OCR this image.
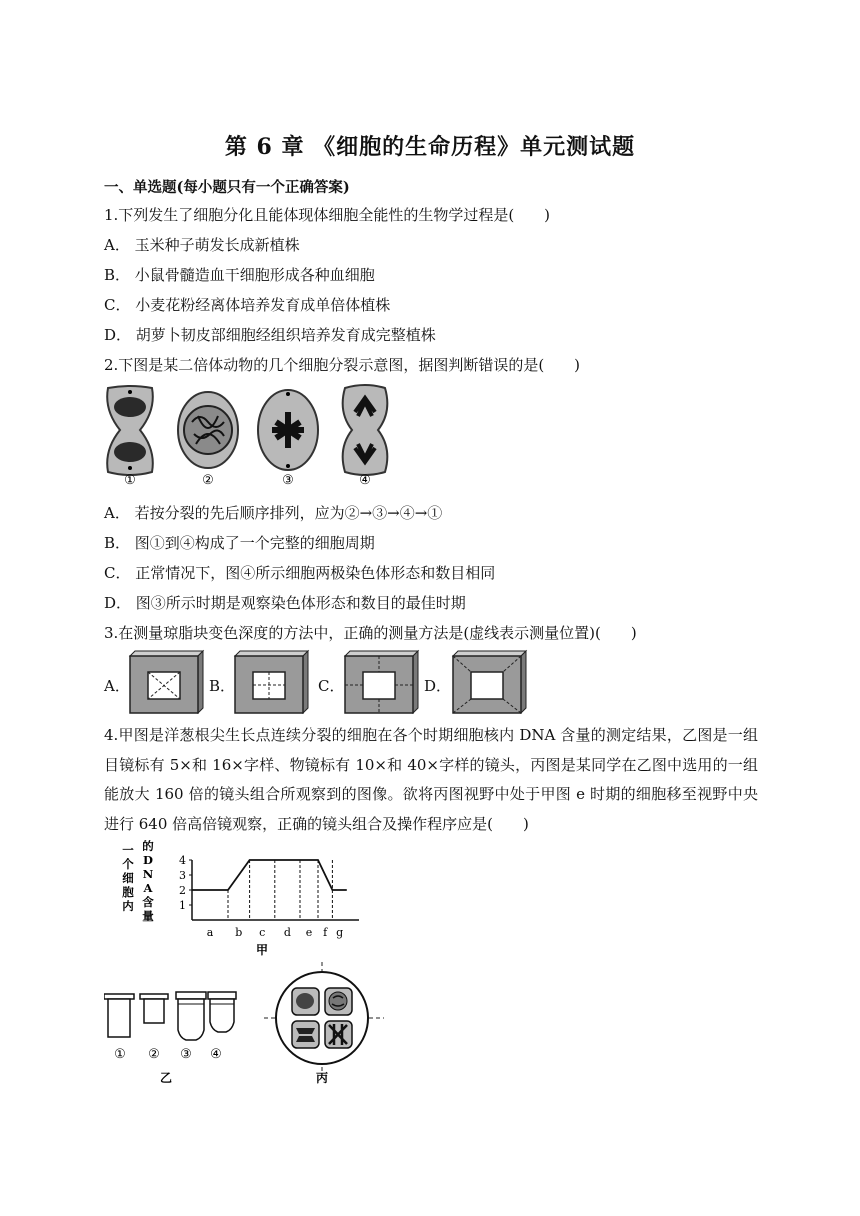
第 6 章 《细胞的生命历程》单元测试题
一、单选题(每小题只有一个正确答案)
1.下列发生了细胞分化且能体现体细胞全能性的生物学过程是(　　)
A． 玉米种子萌发长成新植株
B． 小鼠骨髓造血干细胞形成各种血细胞
C． 小麦花粉经离体培养发育成单倍体植株
D． 胡萝卜韧皮部细胞经组织培养发育成完整植株
2.下图是某二倍体动物的几个细胞分裂示意图，据图判断错误的是(　　)
①	②	③	④
A． 若按分裂的先后顺序排列，应为②→③→④→①
B． 图①到④构成了一个完整的细胞周期
C． 正常情况下，图④所示细胞两极染色体形态和数目相同
D． 图③所示时期是观察染色体形态和数目的最佳时期
3.在测量琼脂块变色深度的方法中，正确的测量方法是(虚线表示测量位置)(　　)
A．	B．	C．	D．
4.甲图是洋葱根尖生长点连续分裂的细胞在各个时期细胞核内 DNA 含量的测定结果，乙图是一组目镜标有 5×和 16×字样、物镜标有 10×和 40×字样的镜头，丙图是某同学在乙图中选用的一组能放大 160 倍的镜头组合所观察到的图像。欲将丙图视野中处于甲图 e 时期的细胞移至视野中央进行 640 倍高倍镜观察，正确的镜头组合及操作程序应是(　　)
4
3
2
1
a b c d e f g
甲
一
个
细
胞
内
的
D
N
A
含
量
① ② ③ ④
乙	丙
